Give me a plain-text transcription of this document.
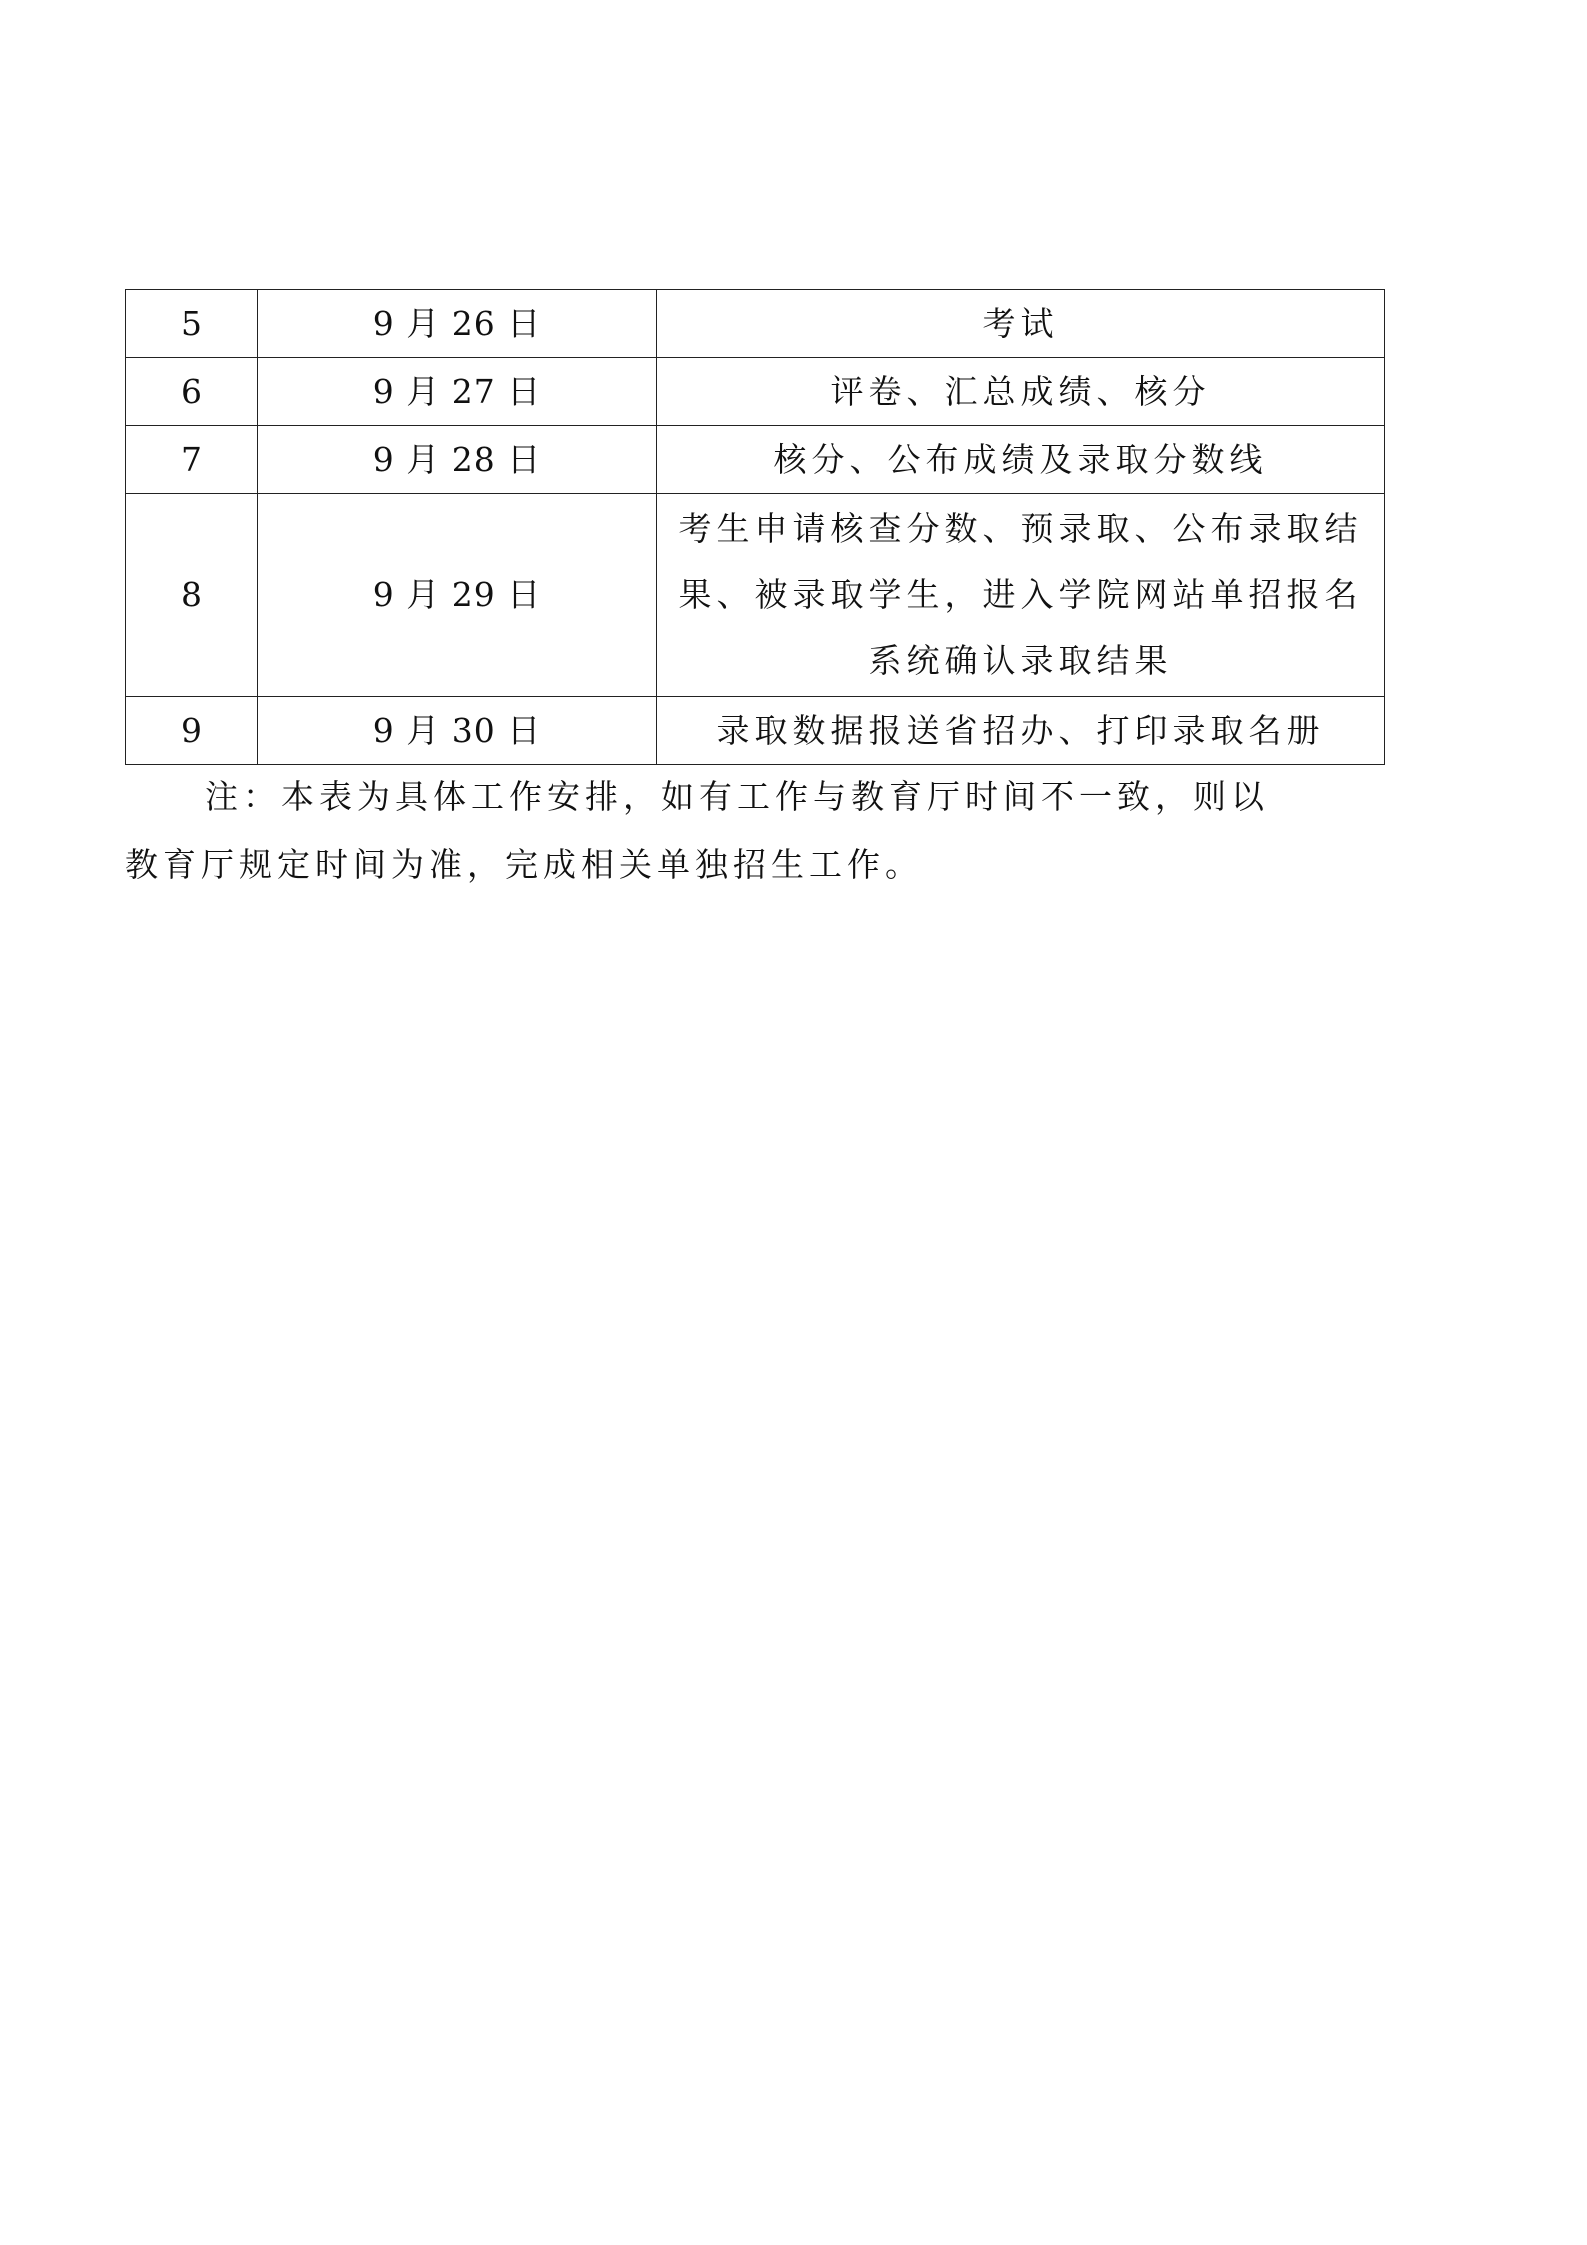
5	9 月 26 日	考试
6	9 月 27 日	评卷、汇总成绩、核分
7	9 月 28 日	核分、公布成绩及录取分数线
8	9 月 29 日	考生申请核查分数、预录取、公布录取结果、被录取学生，进入学院网站单招报名系统确认录取结果
9	9 月 30 日	录取数据报送省招办、打印录取名册
注：本表为具体工作安排，如有工作与教育厅时间不一致，则以
教育厅规定时间为准，完成相关单独招生工作。
